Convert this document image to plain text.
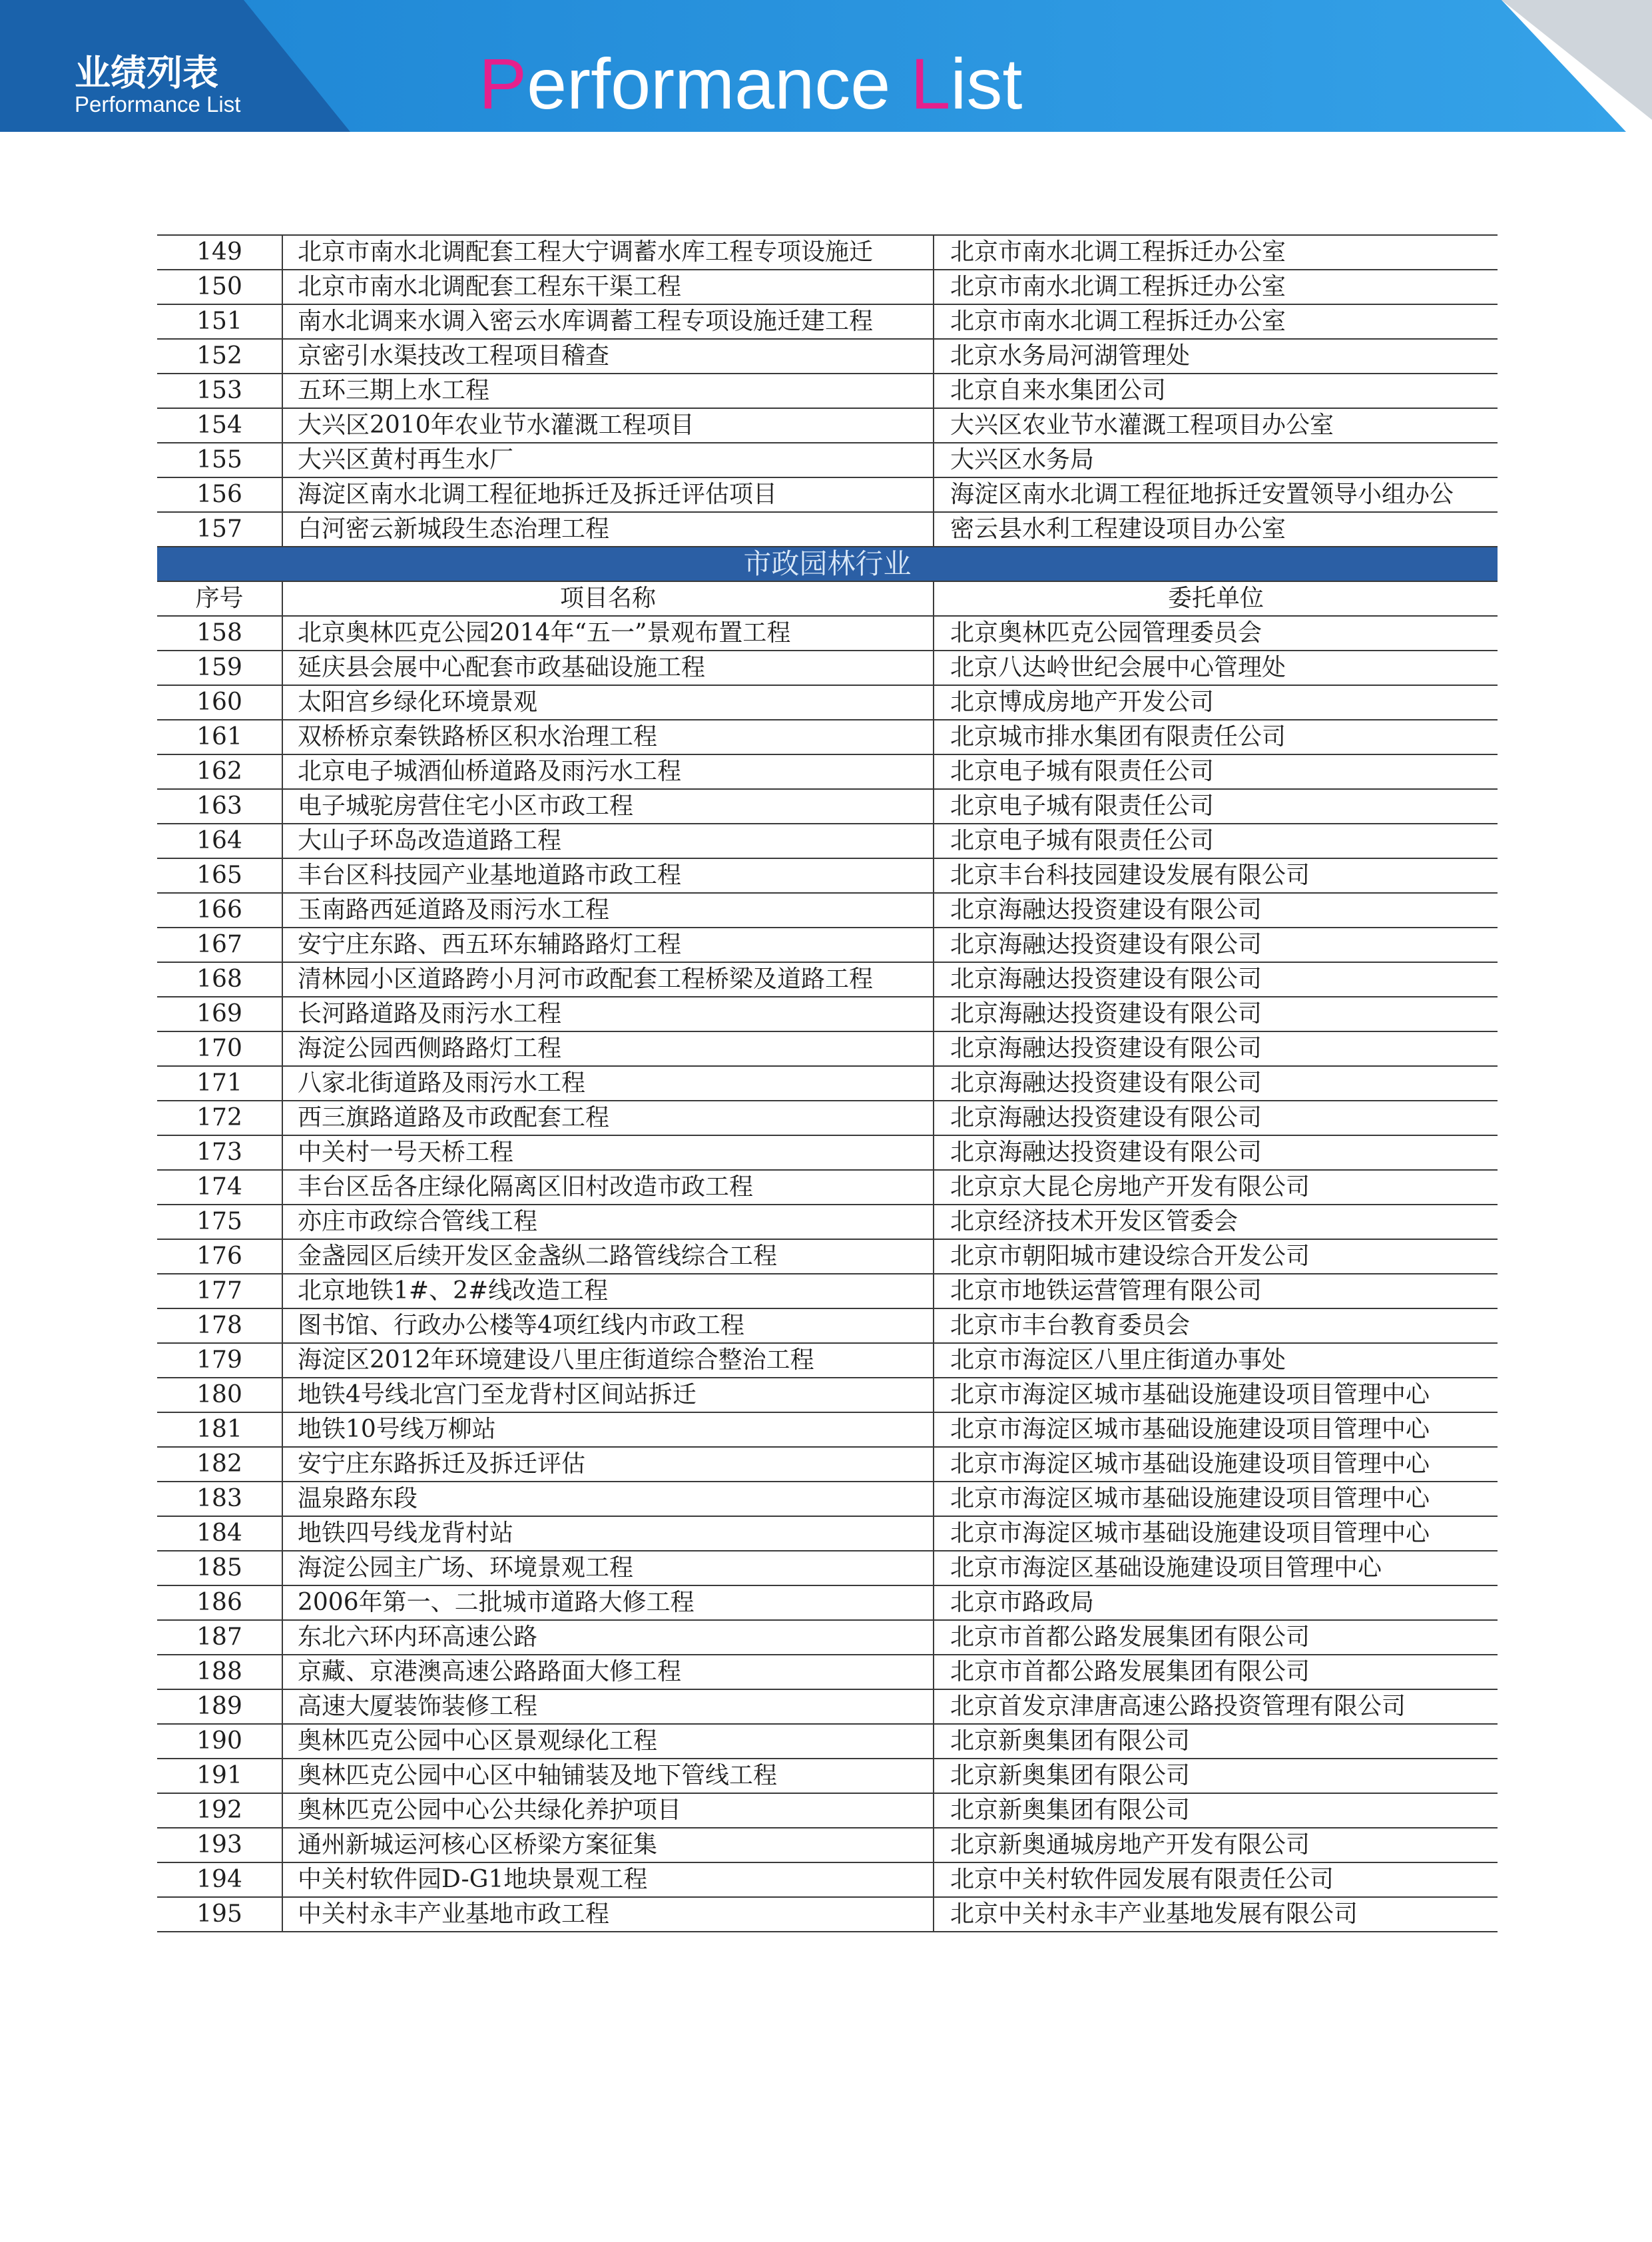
业绩列表
Performance List	Performance List
149	北京市南水北调配套工程大宁调蓄水库工程专项设施迁	北京市南水北调工程拆迁办公室
150	北京市南水北调配套工程东干渠工程	北京市南水北调工程拆迁办公室
151	南水北调来水调入密云水库调蓄工程专项设施迁建工程	北京市南水北调工程拆迁办公室
152	京密引水渠技改工程项目稽查	北京水务局河湖管理处
153	五环三期上水工程	北京自来水集团公司
154	大兴区2010年农业节水灌溉工程项目	大兴区农业节水灌溉工程项目办公室
155	大兴区黄村再生水厂	大兴区水务局
156	海淀区南水北调工程征地拆迁及拆迁评估项目	海淀区南水北调工程征地拆迁安置领导小组办公
157	白河密云新城段生态治理工程	密云县水利工程建设项目办公室
市政园林行业
序号	项目名称	委托单位
158	北京奥林匹克公园2014年“五一”景观布置工程	北京奥林匹克公园管理委员会
159	延庆县会展中心配套市政基础设施工程	北京八达岭世纪会展中心管理处
160	太阳宫乡绿化环境景观	北京博成房地产开发公司
161	双桥桥京秦铁路桥区积水治理工程	北京城市排水集团有限责任公司
162	北京电子城酒仙桥道路及雨污水工程	北京电子城有限责任公司
163	电子城驼房营住宅小区市政工程	北京电子城有限责任公司
164	大山子环岛改造道路工程	北京电子城有限责任公司
165	丰台区科技园产业基地道路市政工程	北京丰台科技园建设发展有限公司
166	玉南路西延道路及雨污水工程	北京海融达投资建设有限公司
167	安宁庄东路、西五环东辅路路灯工程	北京海融达投资建设有限公司
168	清林园小区道路跨小月河市政配套工程桥梁及道路工程	北京海融达投资建设有限公司
169	长河路道路及雨污水工程	北京海融达投资建设有限公司
170	海淀公园西侧路路灯工程	北京海融达投资建设有限公司
171	八家北街道路及雨污水工程	北京海融达投资建设有限公司
172	西三旗路道路及市政配套工程	北京海融达投资建设有限公司
173	中关村一号天桥工程	北京海融达投资建设有限公司
174	丰台区岳各庄绿化隔离区旧村改造市政工程	北京京大昆仑房地产开发有限公司
175	亦庄市政综合管线工程	北京经济技术开发区管委会
176	金盏园区后续开发区金盏纵二路管线综合工程	北京市朝阳城市建设综合开发公司
177	北京地铁1#、2#线改造工程	北京市地铁运营管理有限公司
178	图书馆、行政办公楼等4项红线内市政工程	北京市丰台教育委员会
179	海淀区2012年环境建设八里庄街道综合整治工程	北京市海淀区八里庄街道办事处
180	地铁4号线北宫门至龙背村区间站拆迁	北京市海淀区城市基础设施建设项目管理中心
181	地铁10号线万柳站	北京市海淀区城市基础设施建设项目管理中心
182	安宁庄东路拆迁及拆迁评估	北京市海淀区城市基础设施建设项目管理中心
183	温泉路东段	北京市海淀区城市基础设施建设项目管理中心
184	地铁四号线龙背村站	北京市海淀区城市基础设施建设项目管理中心
185	海淀公园主广场、环境景观工程	北京市海淀区基础设施建设项目管理中心
186	2006年第一、二批城市道路大修工程	北京市路政局
187	东北六环内环高速公路	北京市首都公路发展集团有限公司
188	京藏、京港澳高速公路路面大修工程	北京市首都公路发展集团有限公司
189	高速大厦装饰装修工程	北京首发京津唐高速公路投资管理有限公司
190	奥林匹克公园中心区景观绿化工程	北京新奥集团有限公司
191	奥林匹克公园中心区中轴铺装及地下管线工程	北京新奥集团有限公司
192	奥林匹克公园中心公共绿化养护项目	北京新奥集团有限公司
193	通州新城运河核心区桥梁方案征集	北京新奥通城房地产开发有限公司
194	中关村软件园D-G1地块景观工程	北京中关村软件园发展有限责任公司
195	中关村永丰产业基地市政工程	北京中关村永丰产业基地发展有限公司
